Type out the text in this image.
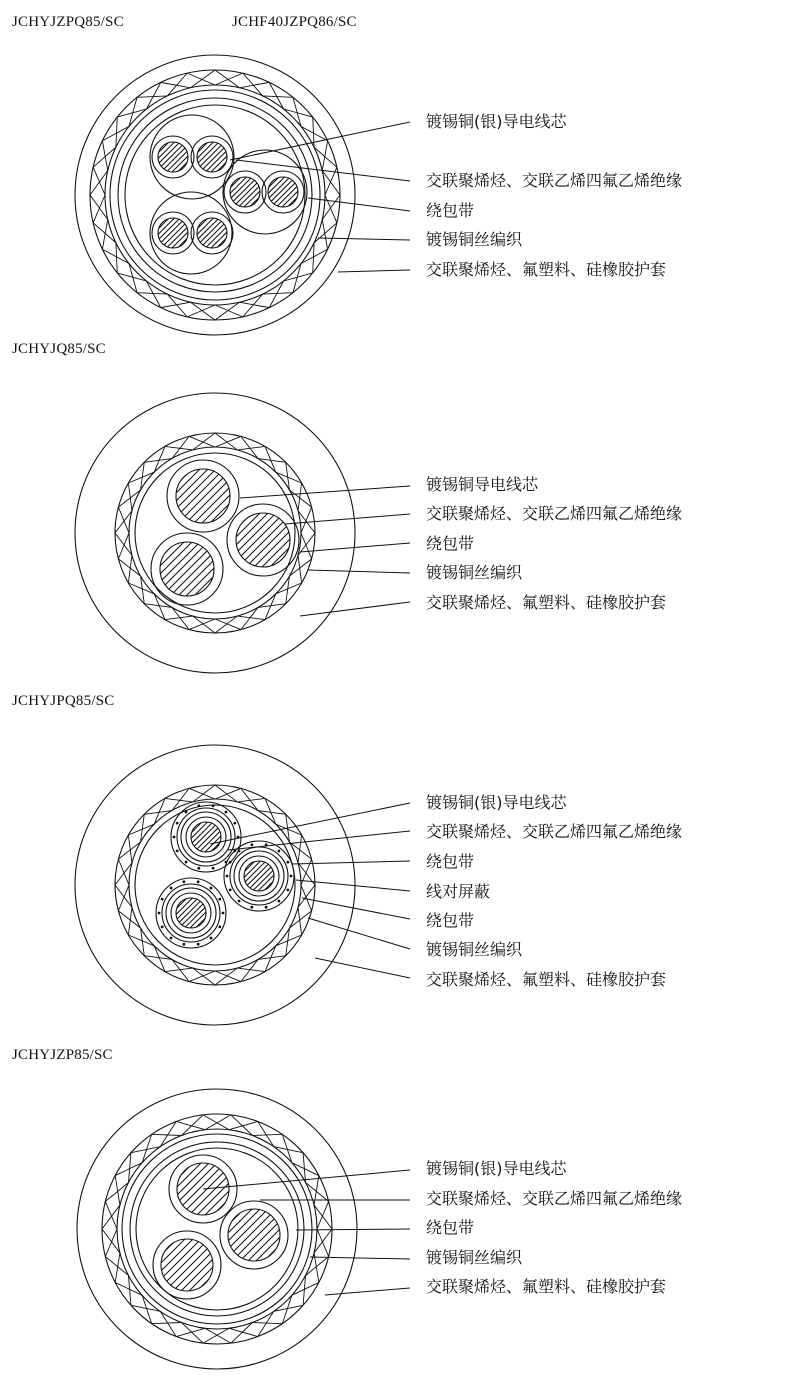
JCHYJZPQ85/SC	JCHF40JZPQ86/SC
镀锡铜(银)导电线芯
交联聚烯烃、交联乙烯四氟乙烯绝缘
绕包带
镀锡铜丝编织
交联聚烯烃、氟塑料、硅橡胶护套
JCHYJQ85/SC
镀锡铜导电线芯
交联聚烯烃、交联乙烯四氟乙烯绝缘
绕包带
镀锡铜丝编织
交联聚烯烃、氟塑料、硅橡胶护套
JCHYJPQ85/SC
镀锡铜(银)导电线芯
交联聚烯烃、交联乙烯四氟乙烯绝缘
绕包带
线对屏蔽
绕包带
镀锡铜丝编织
交联聚烯烃、氟塑料、硅橡胶护套
JCHYJZP85/SC
镀锡铜(银)导电线芯
交联聚烯烃、交联乙烯四氟乙烯绝缘
绕包带
镀锡铜丝编织
交联聚烯烃、氟塑料、硅橡胶护套
